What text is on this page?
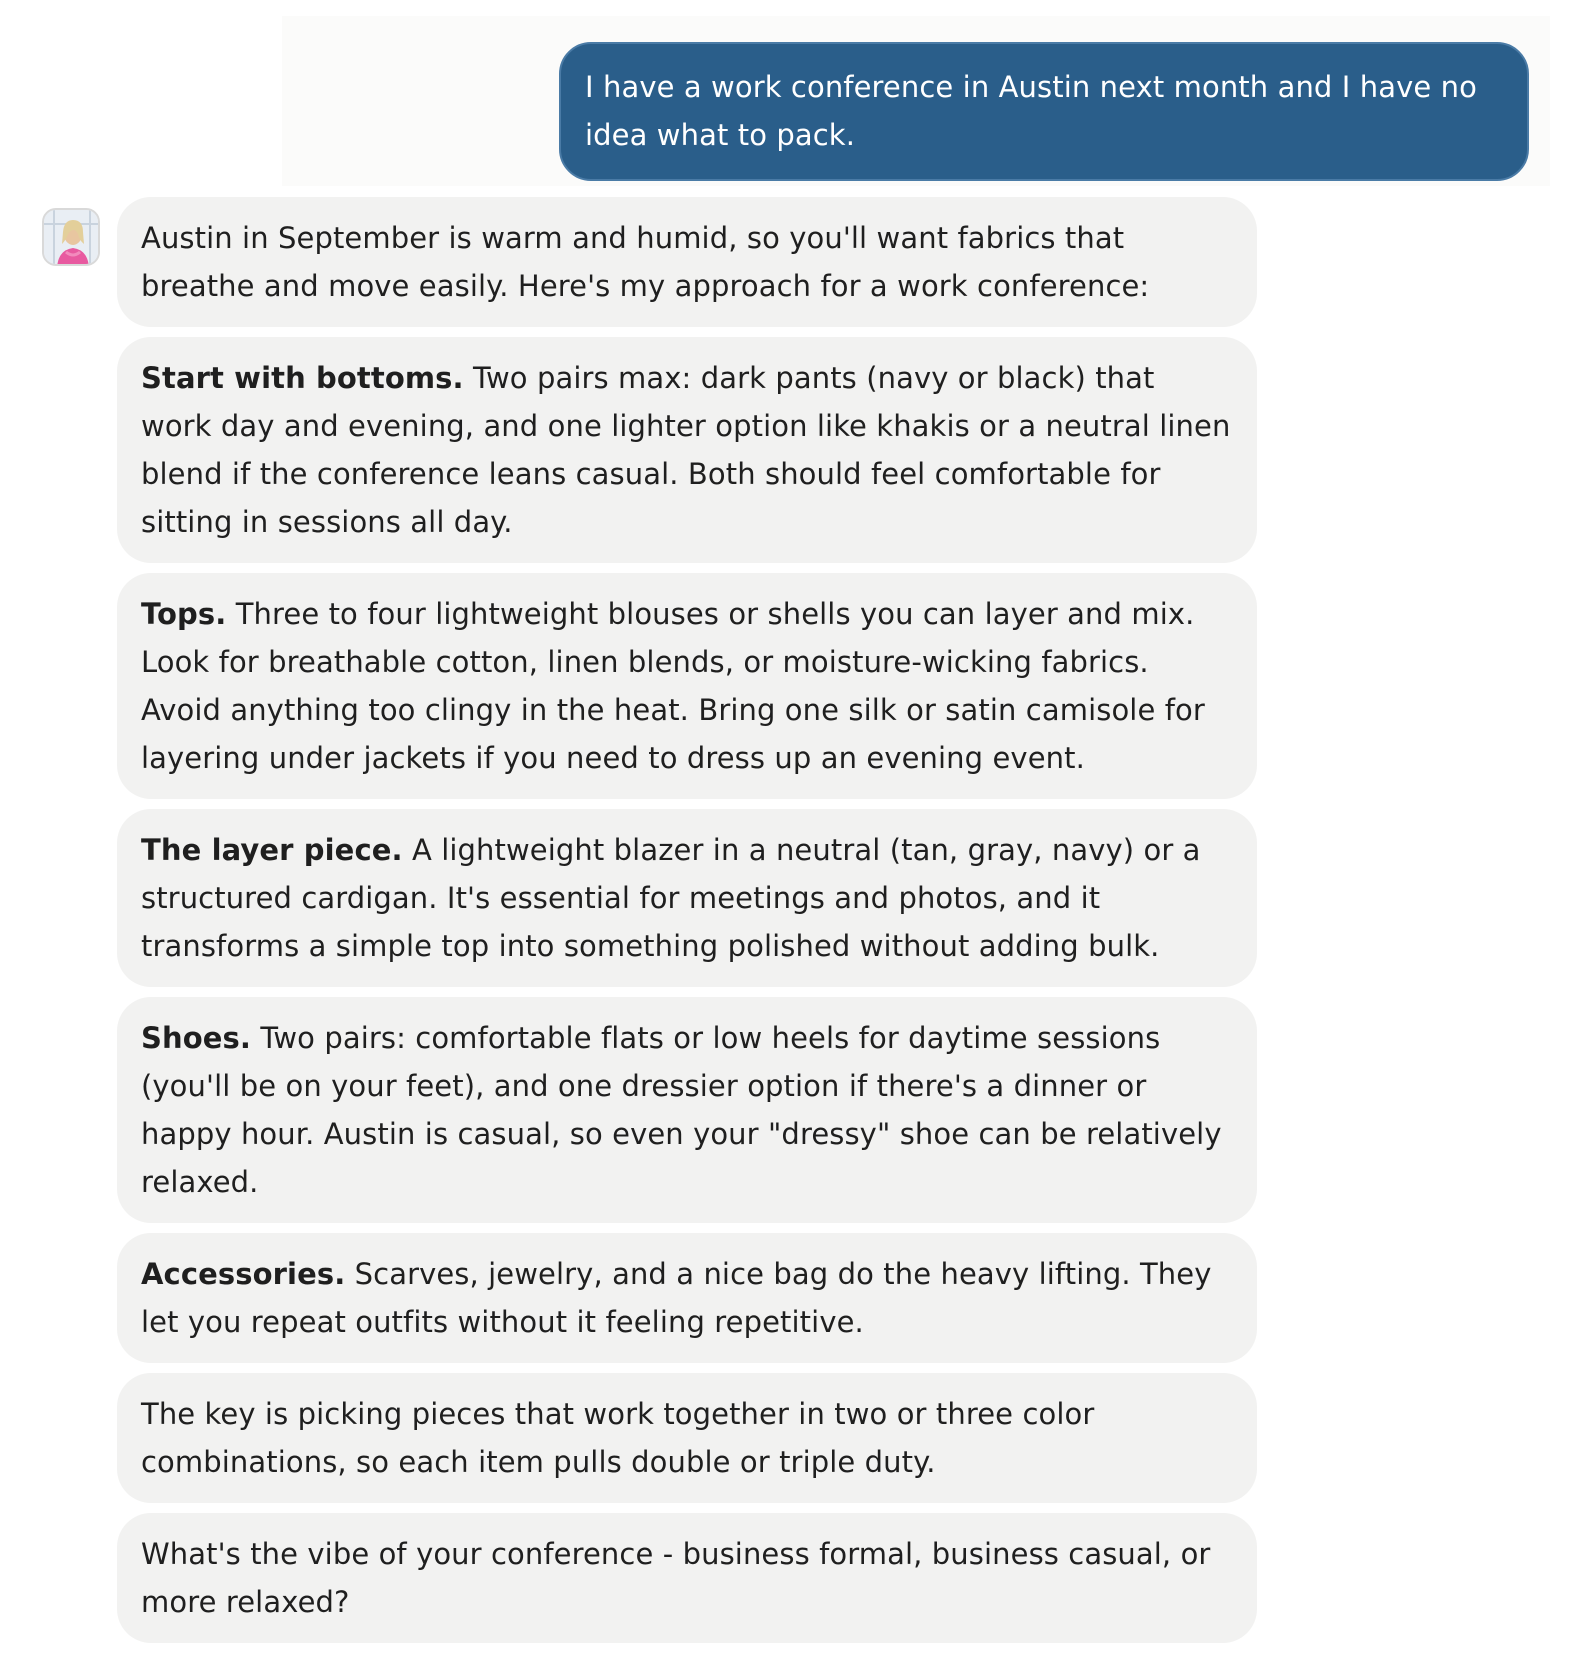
I have a work conference in Austin next month and I have no idea what to pack.
Austin in September is warm and humid, so you'll want fabrics that breathe and move easily. Here's my approach for a work conference:
Start with bottoms. Two pairs max: dark pants (navy or black) that work day and evening, and one lighter option like khakis or a neutral linen blend if the conference leans casual. Both should feel comfortable for sitting in sessions all day.
Tops. Three to four lightweight blouses or shells you can layer and mix. Look for breathable cotton, linen blends, or moisture-wicking fabrics. Avoid anything too clingy in the heat. Bring one silk or satin camisole for layering under jackets if you need to dress up an evening event.
The layer piece. A lightweight blazer in a neutral (tan, gray, navy) or a structured cardigan. It's essential for meetings and photos, and it transforms a simple top into something polished without adding bulk.
Shoes. Two pairs: comfortable flats or low heels for daytime sessions (you'll be on your feet), and one dressier option if there's a dinner or happy hour. Austin is casual, so even your "dressy" shoe can be relatively relaxed.
Accessories. Scarves, jewelry, and a nice bag do the heavy lifting. They let you repeat outfits without it feeling repetitive.
The key is picking pieces that work together in two or three color combinations, so each item pulls double or triple duty.
What's the vibe of your conference - business formal, business casual, or more relaxed?
